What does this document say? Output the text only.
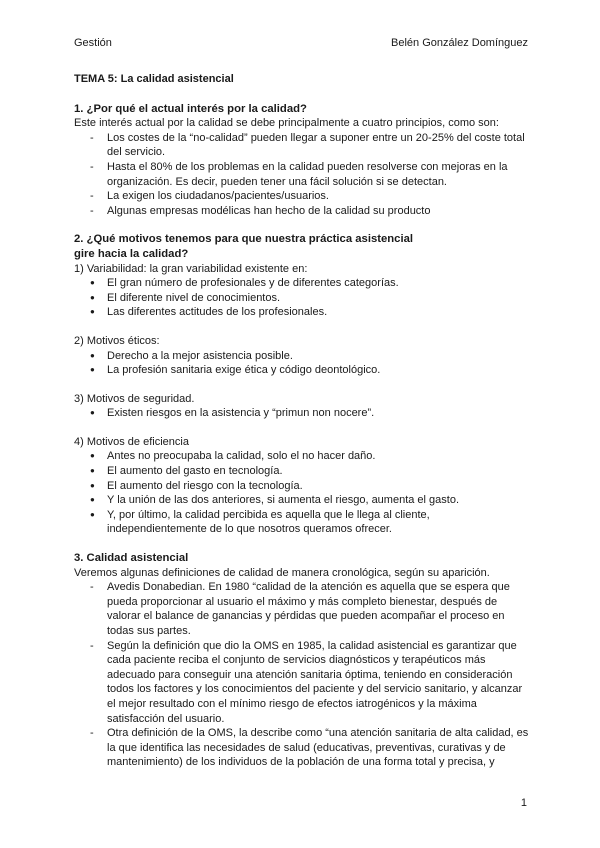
Gestión	Belén González Domínguez

TEMA 5: La calidad asistencial

1. ¿Por qué el actual interés por la calidad?

Este interés actual por la calidad se debe principalmente a cuatro principios, como son:

- Los costes de la “no-calidad” pueden llegar a suponer entre un 20-25% del coste total del servicio.
- Hasta el 80% de los problemas en la calidad pueden resolverse con mejoras en la organización. Es decir, pueden tener una fácil solución si se detectan.
- La exigen los ciudadanos/pacientes/usuarios.
- Algunas empresas modélicas han hecho de la calidad su producto

2. ¿Qué motivos tenemos para que nuestra práctica asistencial
gire hacia la calidad?

1) Variabilidad: la gran variabilidad existente en:

● El gran número de profesionales y de diferentes categorías.
● El diferente nivel de conocimientos.
● Las diferentes actitudes de los profesionales.

2) Motivos éticos:

● Derecho a la mejor asistencia posible.
● La profesión sanitaria exige ética y código deontológico.

3) Motivos de seguridad.

● Existen riesgos en la asistencia y “primun non nocere”.

4) Motivos de eficiencia

● Antes no preocupaba la calidad, solo el no hacer daño.
● El aumento del gasto en tecnología.
● El aumento del riesgo con la tecnología.
● Y la unión de las dos anteriores, si aumenta el riesgo, aumenta el gasto.
● Y, por último, la calidad percibida es aquella que le llega al cliente, independientemente de lo que nosotros queramos ofrecer.

3. Calidad asistencial

Veremos algunas definiciones de calidad de manera cronológica, según su aparición.

- Avedis Donabedian. En 1980 “calidad de la atención es aquella que se espera que pueda proporcionar al usuario el máximo y más completo bienestar, después de valorar el balance de ganancias y pérdidas que pueden acompañar el proceso en todas sus partes.
- Según la definición que dio la OMS en 1985, la calidad asistencial es garantizar que cada paciente reciba el conjunto de servicios diagnósticos y terapéuticos más adecuado para conseguir una atención sanitaria óptima, teniendo en consideración todos los factores y los conocimientos del paciente y del servicio sanitario, y alcanzar el mejor resultado con el mínimo riesgo de efectos iatrogénicos y la máxima satisfacción del usuario.
- Otra definición de la OMS, la describe como “una atención sanitaria de alta calidad, es la que identifica las necesidades de salud (educativas, preventivas, curativas y de mantenimiento) de los individuos de la población de una forma total y precisa, y
1
